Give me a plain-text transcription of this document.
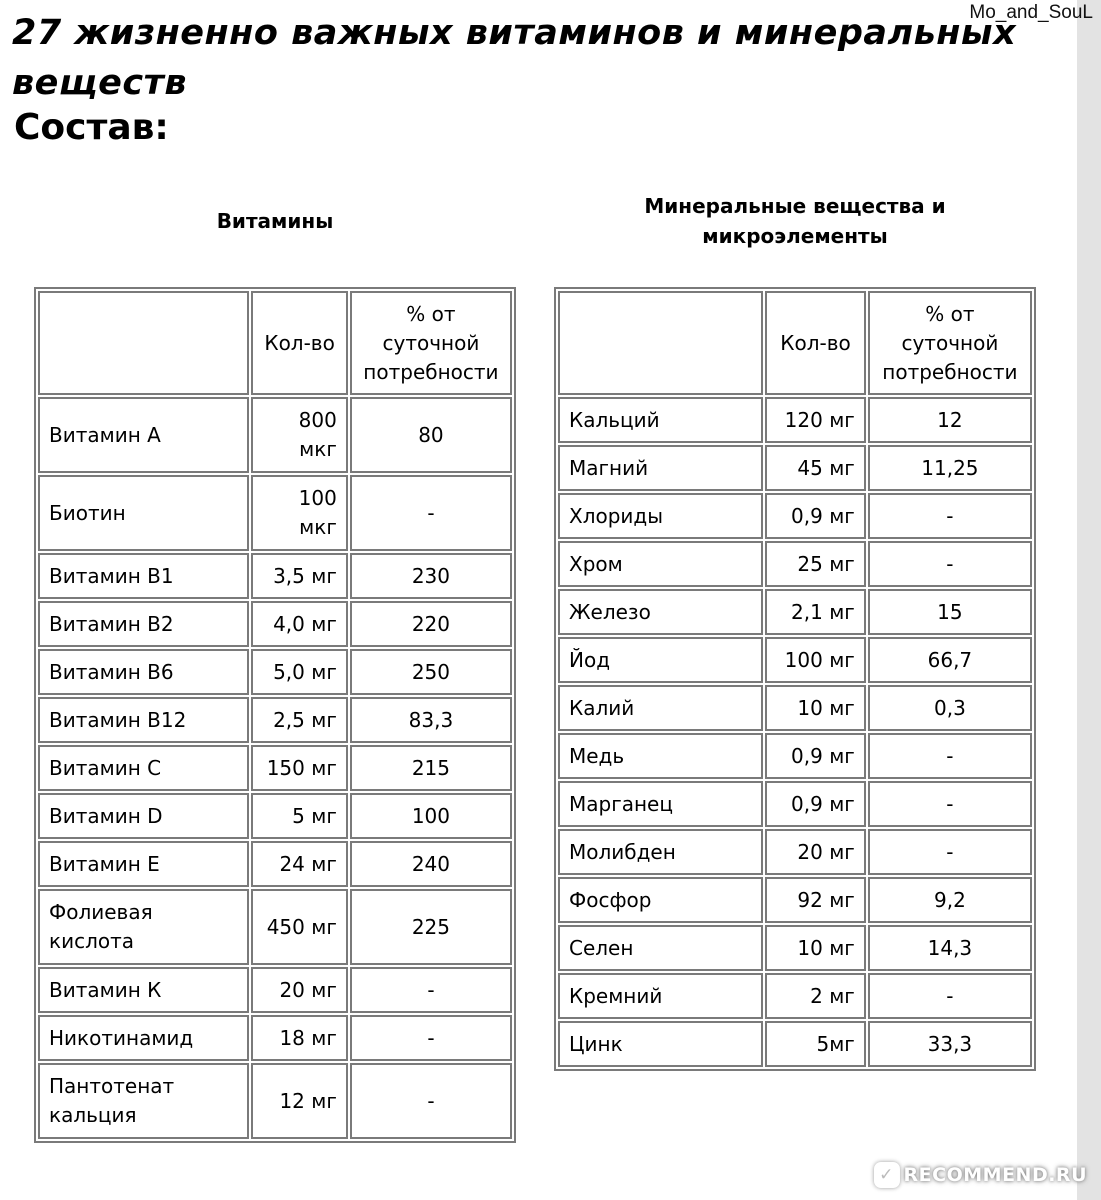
Mo_and_SouL
27 жизненно важных витаминов и минеральных веществ
Состав:
Витамины
Минеральные вещества и микроэлементы
	Кол-во	% от суточной потребности
Витамин А	800 мкг	80
Биотин	100 мкг	-
Витамин В1	3,5 мг	230
Витамин В2	4,0 мг	220
Витамин В6	5,0 мг	250
Витамин В12	2,5 мг	83,3
Витамин С	150 мг	215
Витамин D	5 мг	100
Витамин Е	24 мг	240
Фолиевая кислота	450 мг	225
Витамин К	20 мг	-
Никотинамид	18 мг	-
Пантотенат кальция	12 мг	-
	Кол-во	% от суточной потребности
Кальций	120 мг	12
Магний	45 мг	11,25
Хлориды	0,9 мг	-
Хром	25 мг	-
Железо	2,1 мг	15
Йод	100 мг	66,7
Калий	10 мг	0,3
Медь	0,9 мг	-
Марганец	0,9 мг	-
Молибден	20 мг	-
Фосфор	92 мг	9,2
Селен	10 мг	14,3
Кремний	2 мг	-
Цинк	5мг	33,3
✓ RECOMMEND.RU
